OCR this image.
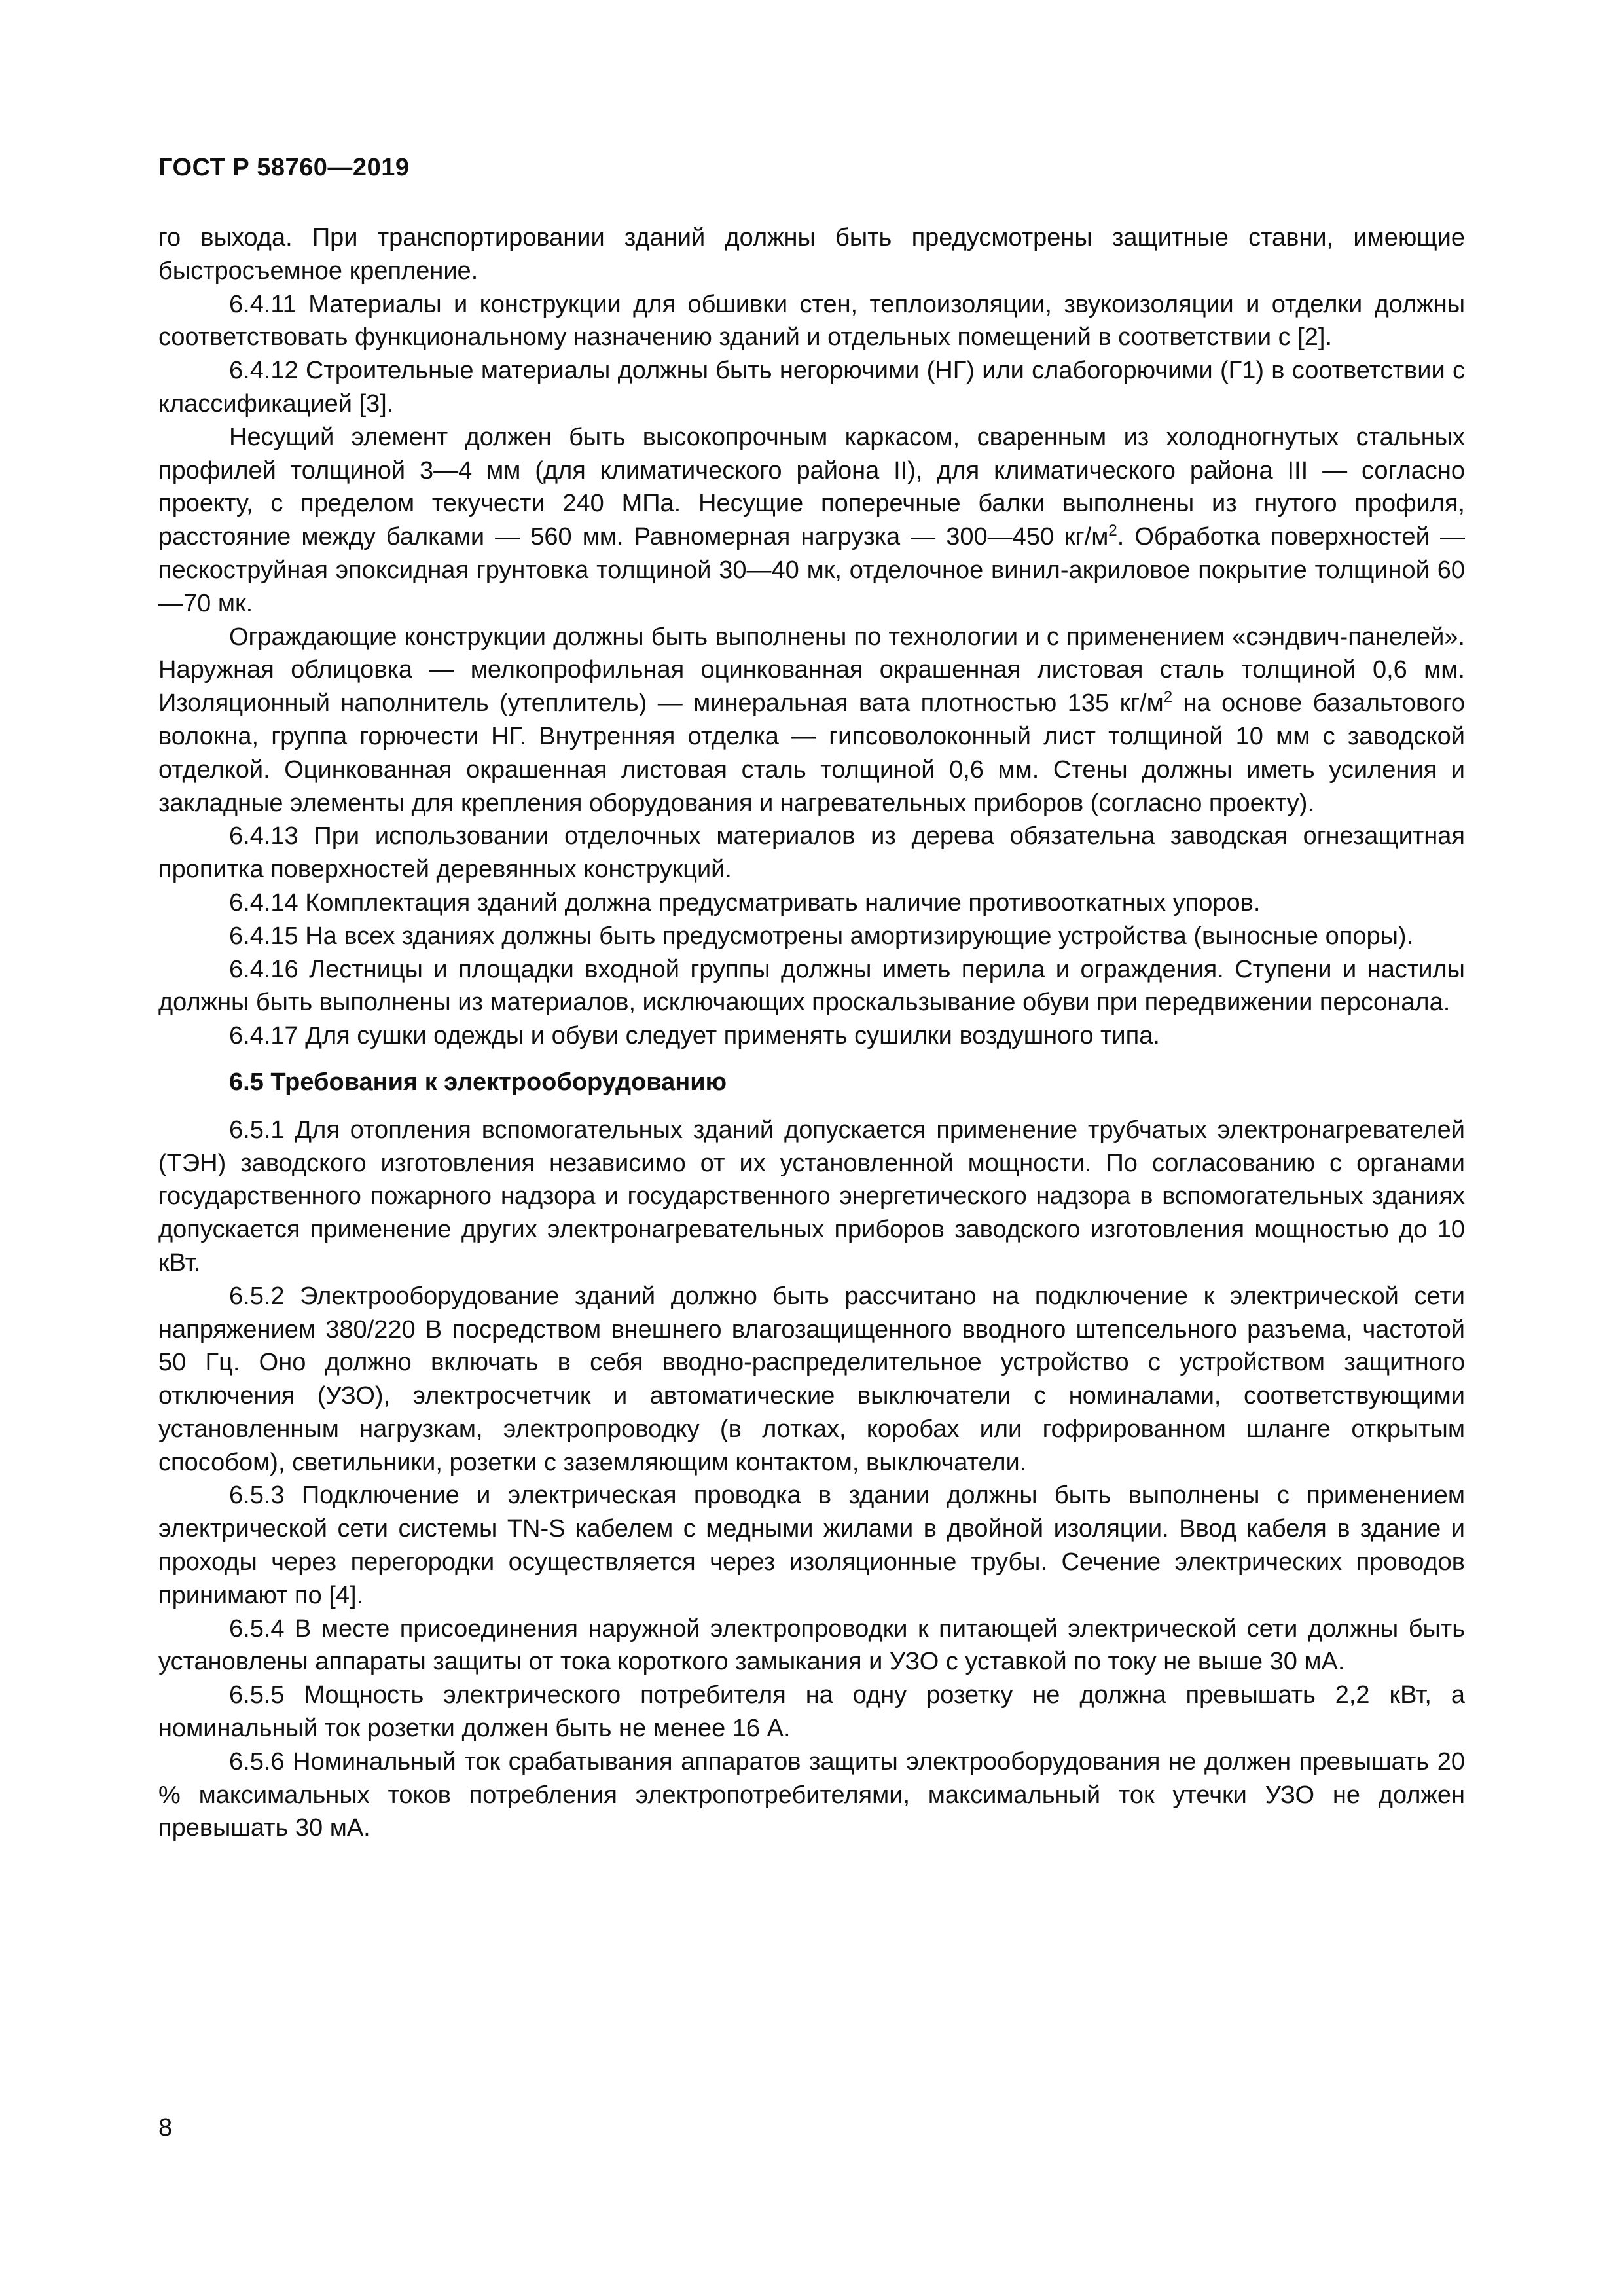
ГОСТ Р 58760—2019

го выхода. При транспортировании зданий должны быть предусмотрены защитные ставни, имеющие быстросъемное крепление.

6.4.11 Материалы и конструкции для обшивки стен, теплоизоляции, звукоизоляции и отделки должны соответствовать функциональному назначению зданий и отдельных помещений в соответствии с [2].

6.4.12 Строительные материалы должны быть негорючими (НГ) или слабогорючими (Г1) в соответствии с классификацией [3].

Несущий элемент должен быть высокопрочным каркасом, сваренным из холодногнутых стальных профилей толщиной 3—4 мм (для климатического района II), для климатического района III — согласно проекту, с пределом текучести 240 МПа. Несущие поперечные балки выполнены из гнутого профиля, расстояние между балками — 560 мм. Равномерная нагрузка — 300—450 $кг/м^2$. Обработка поверхностей — пескоструйная эпоксидная грунтовка толщиной 30—40 мк, отделочное винил-акриловое покрытие толщиной 60—70 мк.

Ограждающие конструкции должны быть выполнены по технологии и с применением «сэндвич-панелей». Наружная облицовка — мелкопрофильная оцинкованная окрашенная листовая сталь толщиной 0,6 мм. Изоляционный наполнитель (утеплитель) — минеральная вата плотностью 135 $кг/м^2$ на основе базальтового волокна, группа горючести НГ. Внутренняя отделка — гипсоволоконный лист толщиной 10 мм с заводской отделкой. Оцинкованная окрашенная листовая сталь толщиной 0,6 мм. Стены должны иметь усиления и закладные элементы для крепления оборудования и нагревательных приборов (согласно проекту).

6.4.13 При использовании отделочных материалов из дерева обязательна заводская огнезащитная пропитка поверхностей деревянных конструкций.

6.4.14 Комплектация зданий должна предусматривать наличие противооткатных упоров.

6.4.15 На всех зданиях должны быть предусмотрены амортизирующие устройства (выносные опоры).

6.4.16 Лестницы и площадки входной группы должны иметь перила и ограждения. Ступени и настилы должны быть выполнены из материалов, исключающих проскальзывание обуви при передвижении персонала.

6.4.17 Для сушки одежды и обуви следует применять сушилки воздушного типа.

6.5 Требования к электрооборудованию

6.5.1 Для отопления вспомогательных зданий допускается применение трубчатых электронагревателей (ТЭН) заводского изготовления независимо от их установленной мощности. По согласованию с органами государственного пожарного надзора и государственного энергетического надзора в вспомогательных зданиях допускается применение других электронагревательных приборов заводского изготовления мощностью до 10 кВт.

6.5.2 Электрооборудование зданий должно быть рассчитано на подключение к электрической сети напряжением 380/220 В посредством внешнего влагозащищенного вводного штепсельного разъема, частотой 50 Гц. Оно должно включать в себя вводно-распределительное устройство с устройством защитного отключения (УЗО), электросчетчик и автоматические выключатели с номиналами, соответствующими установленным нагрузкам, электропроводку (в лотках, коробах или гофрированном шланге открытым способом), светильники, розетки с заземляющим контактом, выключатели.

6.5.3 Подключение и электрическая проводка в здании должны быть выполнены с применением электрической сети системы TN-S кабелем с медными жилами в двойной изоляции. Ввод кабеля в здание и проходы через перегородки осуществляется через изоляционные трубы. Сечение электрических проводов принимают по [4].

6.5.4 В месте присоединения наружной электропроводки к питающей электрической сети должны быть установлены аппараты защиты от тока короткого замыкания и УЗО с уставкой по току не выше 30 мА.

6.5.5 Мощность электрического потребителя на одну розетку не должна превышать 2,2 кВт, а номинальный ток розетки должен быть не менее 16 А.

6.5.6 Номинальный ток срабатывания аппаратов защиты электрооборудования не должен превышать 20 % максимальных токов потребления электропотребителями, максимальный ток утечки УЗО не должен превышать 30 мА.

8
